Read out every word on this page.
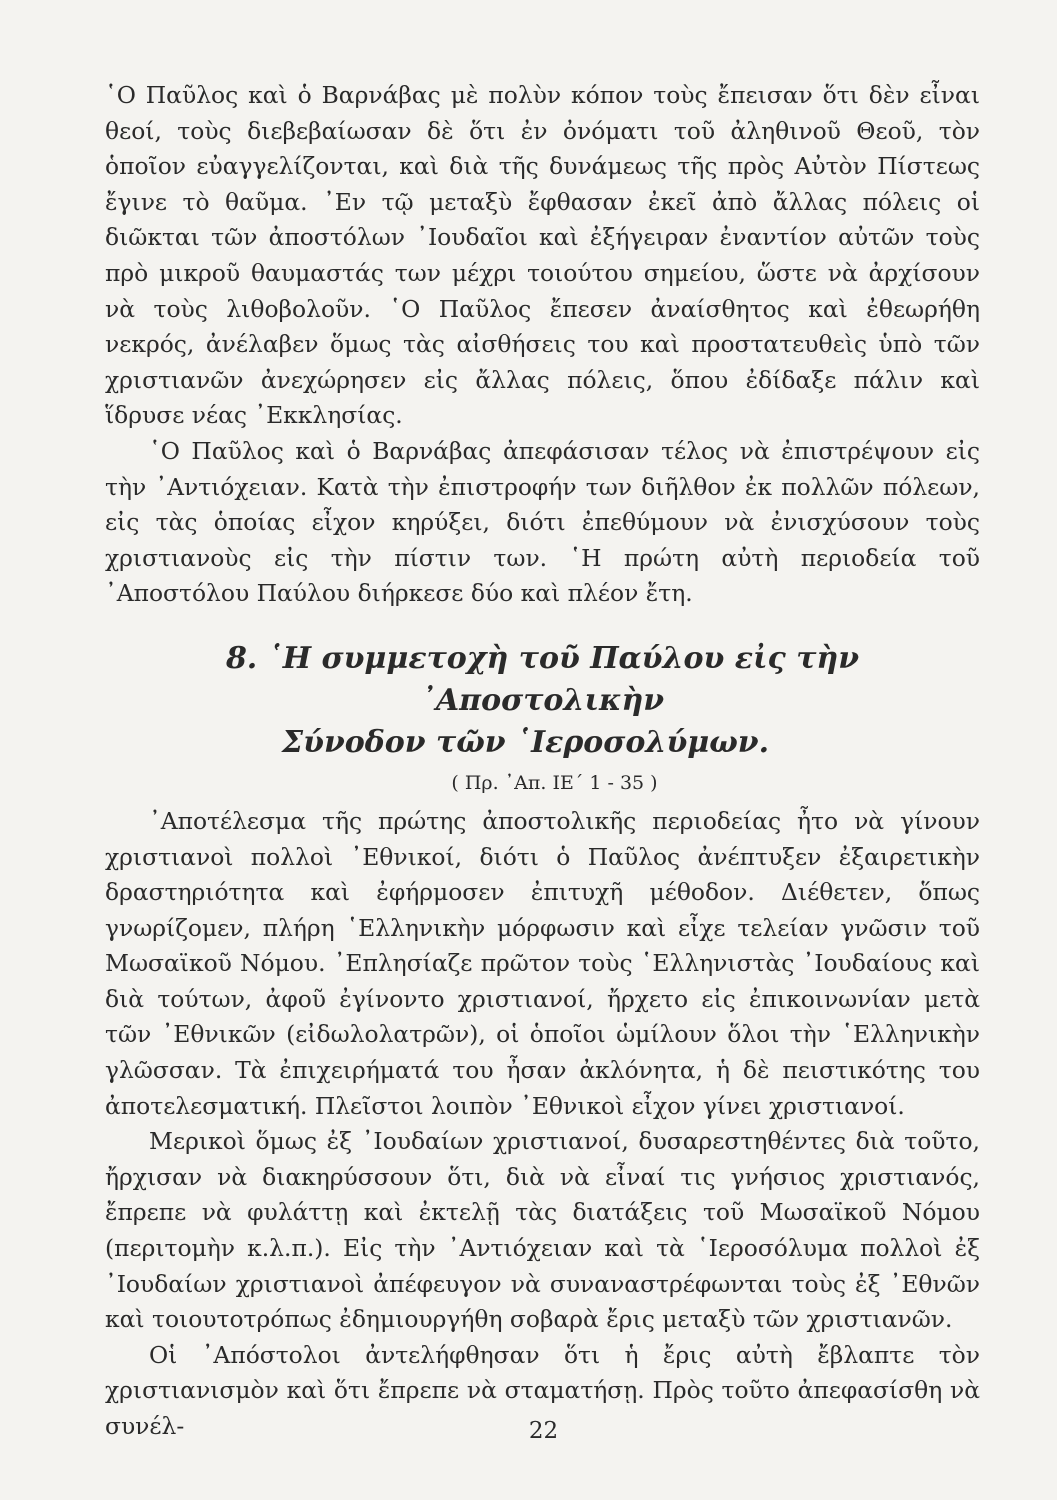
῾Ο Παῦλος καὶ ὁ Βαρνάβας μὲ πολὺν κόπον τοὺς ἔπεισαν ὅτι δὲν εἶναι θεοί, τοὺς διεβεβαίωσαν δὲ ὅτι ἐν ὀνόματι τοῦ ἀληθινοῦ Θεοῦ, τὸν ὁποῖον εὐαγγελίζονται, καὶ διὰ τῆς δυνάμεως τῆς πρὸς Αὐτὸν Πίστεως ἔγινε τὸ θαῦμα. ᾿Εν τῷ μεταξὺ ἔφθασαν ἐκεῖ ἀπὸ ἄλλας πόλεις οἱ διῶκται τῶν ἀποστόλων ᾿Ιουδαῖοι καὶ ἐξήγειραν ἐναντίον αὐτῶν τοὺς πρὸ μικροῦ θαυμαστάς των μέχρι τοιούτου σημείου, ὥστε νὰ ἀρχίσουν νὰ τοὺς λιθοβολοῦν. ῾Ο Παῦλος ἔπεσεν ἀναίσθητος καὶ ἐθεωρήθη νεκρός, ἀνέλαβεν ὅμως τὰς αἰσθήσεις του καὶ προστατευθεὶς ὑπὸ τῶν χριστιανῶν ἀνεχώρησεν εἰς ἄλλας πόλεις, ὅπου ἐδίδαξε πάλιν καὶ ἵδρυσε νέας ᾿Εκκλησίας.

῾Ο Παῦλος καὶ ὁ Βαρνάβας ἀπεφάσισαν τέλος νὰ ἐπιστρέψουν εἰς τὴν ᾿Αντιόχειαν. Κατὰ τὴν ἐπιστροφήν των διῆλθον ἐκ πολλῶν πόλεων, εἰς τὰς ὁποίας εἶχον κηρύξει, διότι ἐπεθύμουν νὰ ἐνισχύσουν τοὺς χριστιανοὺς εἰς τὴν πίστιν των. ῾Η πρώτη αὐτὴ περιοδεία τοῦ ᾿Αποστόλου Παύλου διήρκεσε δύο καὶ πλέον ἔτη.

8. ῾Η συμμετοχὴ τοῦ Παύλου εἰς τὴν ᾿Αποστολικὴν
Σύνοδον τῶν ῾Ιεροσολύμων.
( Πρ. ᾿Απ. ΙΕ΄ 1 - 35 )

᾿Αποτέλεσμα τῆς πρώτης ἀποστολικῆς περιοδείας ἦτο νὰ γίνουν χριστιανοὶ πολλοὶ ᾿Εθνικοί, διότι ὁ Παῦλος ἀνέπτυξεν ἐξαιρετικὴν δραστηριότητα καὶ ἐφήρμοσεν ἐπιτυχῆ μέθοδον. Διέθετεν, ὅπως γνωρίζομεν, πλήρη ῾Ελληνικὴν μόρφωσιν καὶ εἶχε τελείαν γνῶσιν τοῦ Μωσαϊκοῦ Νόμου. ᾿Επλησίαζε πρῶτον τοὺς ῾Ελληνιστὰς ᾿Ιουδαίους καὶ διὰ τούτων, ἀφοῦ ἐγίνοντο χριστιανοί, ἤρχετο εἰς ἐπικοινωνίαν μετὰ τῶν ᾿Εθνικῶν (εἰδωλολατρῶν), οἱ ὁποῖοι ὡμίλουν ὅλοι τὴν ῾Ελληνικὴν γλῶσσαν. Τὰ ἐπιχειρήματά του ἦσαν ἀκλόνητα, ἡ δὲ πειστικότης του ἀποτελεσματική. Πλεῖστοι λοιπὸν ᾿Εθνικοὶ εἶχον γίνει χριστιανοί.

Μερικοὶ ὅμως ἐξ ᾿Ιουδαίων χριστιανοί, δυσαρεστηθέντες διὰ τοῦτο, ἤρχισαν νὰ διακηρύσσουν ὅτι, διὰ νὰ εἶναί τις γνήσιος χριστιανός, ἔπρεπε νὰ φυλάττῃ καὶ ἐκτελῇ τὰς διατάξεις τοῦ Μωσαϊκοῦ Νόμου (περιτομὴν κ.λ.π.). Εἰς τὴν ᾿Αντιόχειαν καὶ τὰ ῾Ιεροσόλυμα πολλοὶ ἐξ ᾿Ιουδαίων χριστιανοὶ ἀπέφευγον νὰ συναναστρέφωνται τοὺς ἐξ ᾿Εθνῶν καὶ τοιουτοτρόπως ἐδημιουργήθη σοβαρὰ ἔρις μεταξὺ τῶν χριστιανῶν.

Οἱ ᾿Απόστολοι ἀντελήφθησαν ὅτι ἡ ἔρις αὐτὴ ἔβλαπτε τὸν χριστιανισμὸν καὶ ὅτι ἔπρεπε νὰ σταματήσῃ. Πρὸς τοῦτο ἀπεφασίσθη νὰ συνέλ-	22
